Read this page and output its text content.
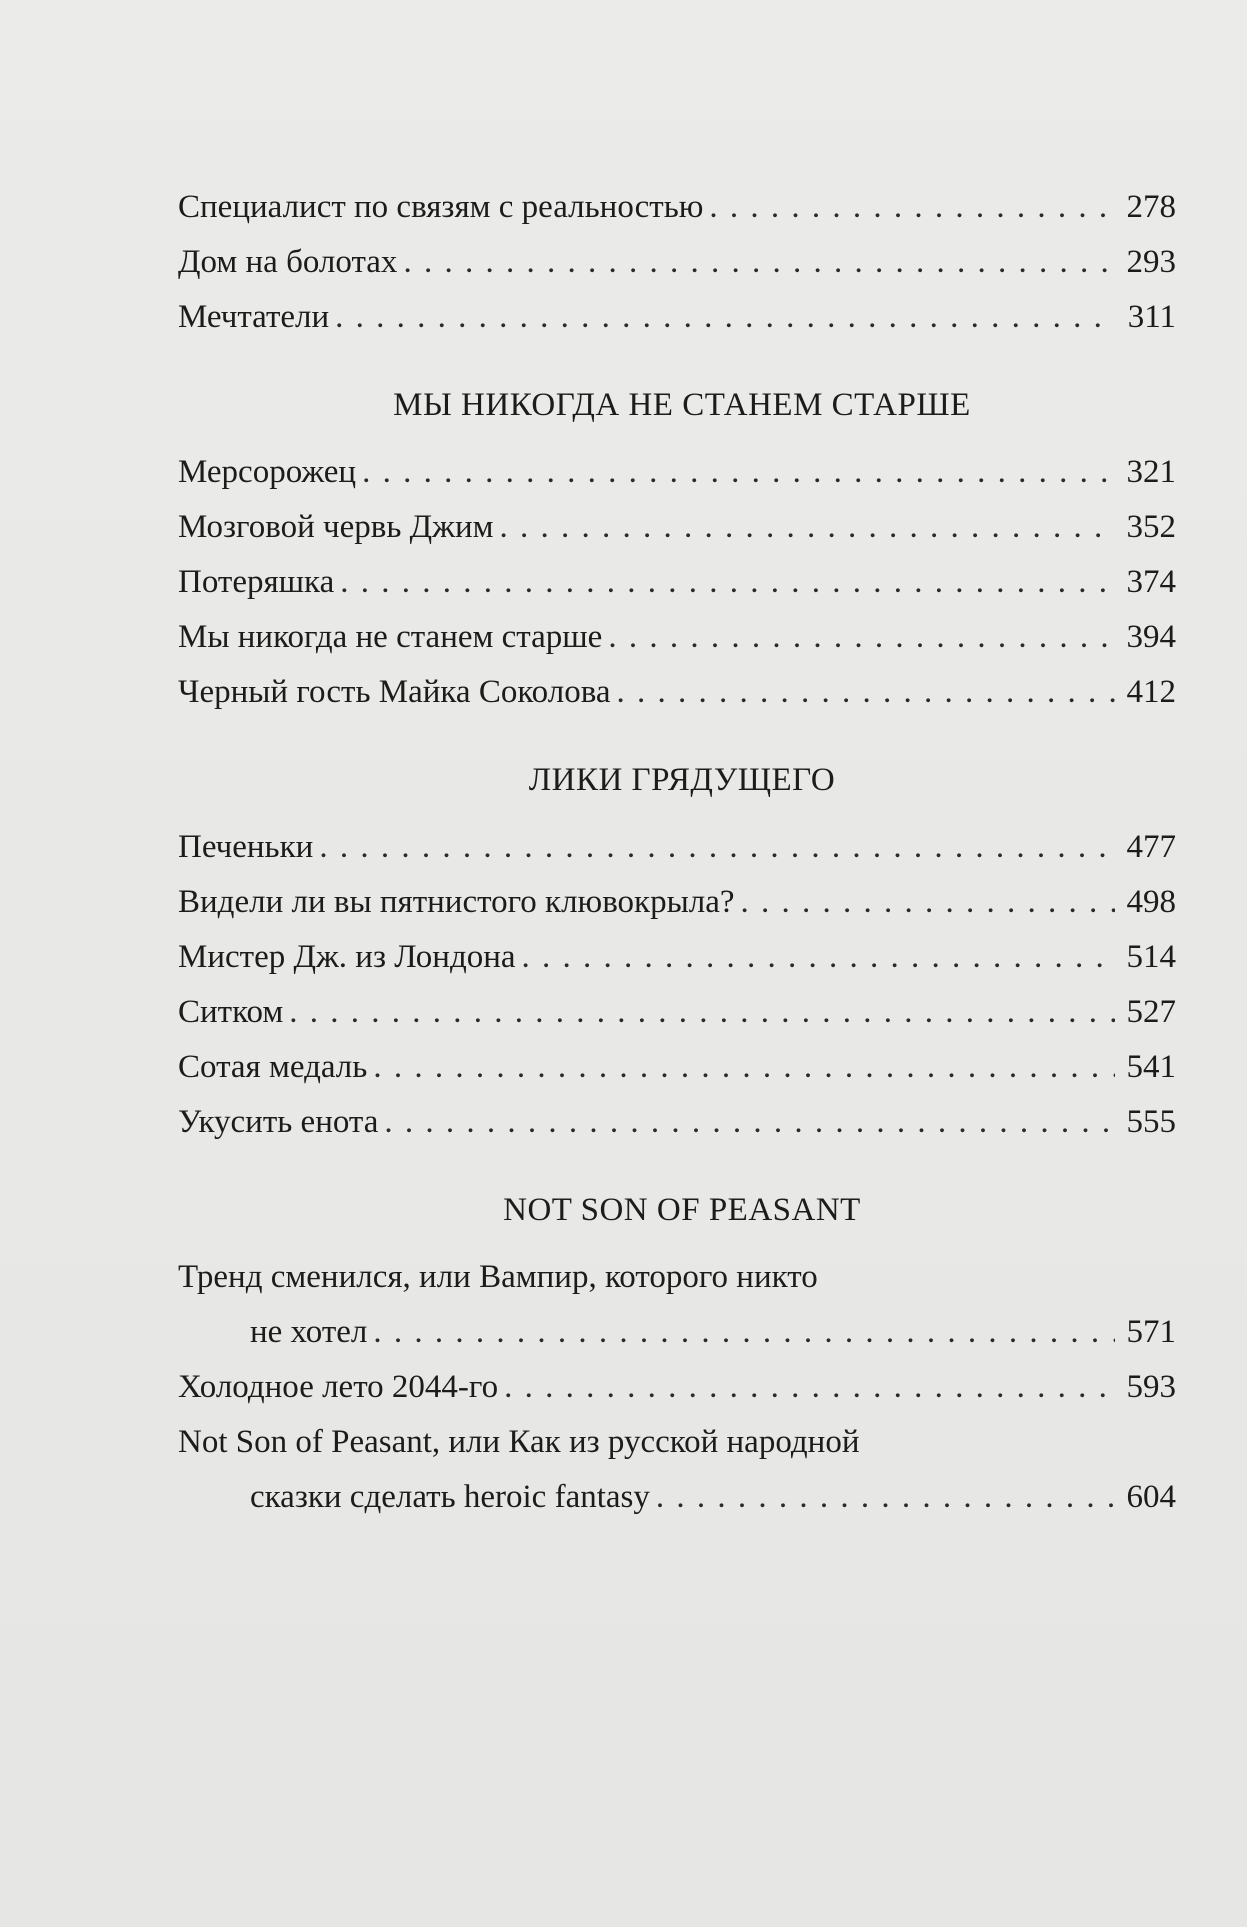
Специалист по связям с реальностью . . .	278
Дом на болотах . . .	293
Мечтатели . . .	311
МЫ НИКОГДА НЕ СТАНЕМ СТАРШЕ
Мерсорожец . . .	321
Мозговой червь Джим . . .	352
Потеряшка . . .	374
Мы никогда не станем старше . . .	394
Черный гость Майка Соколова . . .	412
ЛИКИ ГРЯДУЩЕГО
Печеньки . . .	477
Видели ли вы пятнистого клювокрыла? . . .	498
Мистер Дж. из Лондона . . .	514
Ситком . . .	527
Сотая медаль . . .	541
Укусить енота . . .	555
NOT SON OF PEASANT
Тренд сменился, или Вампир, которого никто
не хотел . . .	571
Холодное лето 2044-го . . .	593
Not Son of Peasant, или Как из русской народной
сказки сделать heroic fantasy . . .	604
